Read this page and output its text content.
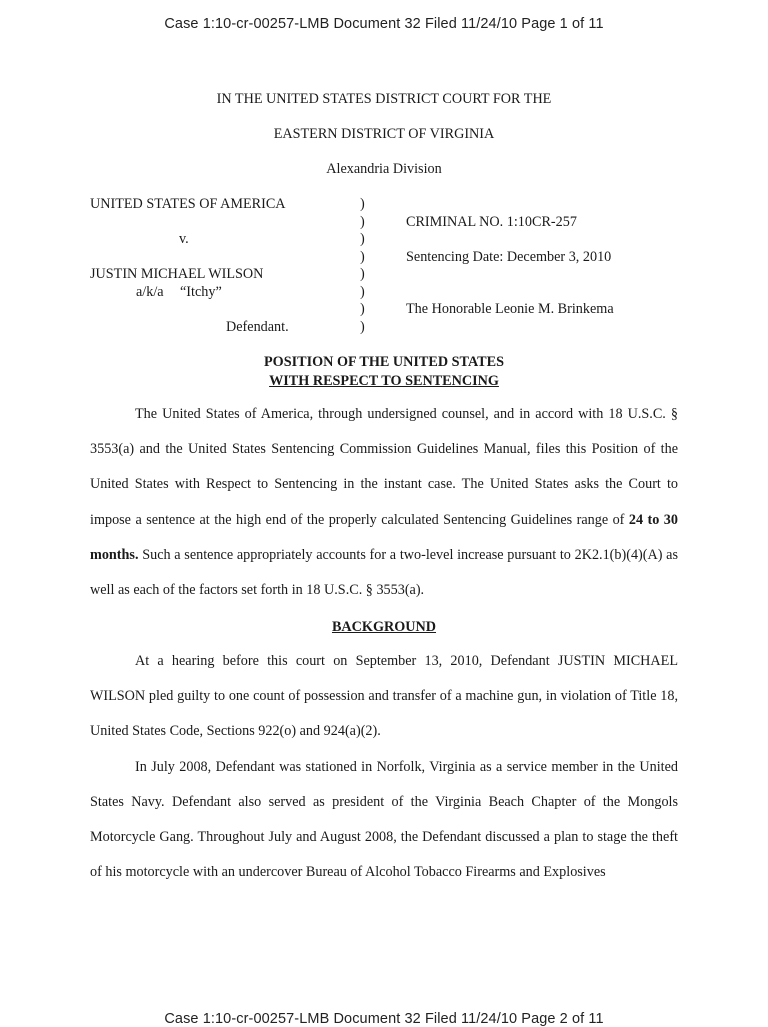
Case 1:10-cr-00257-LMB Document 32 Filed 11/24/10 Page 1 of 11
IN THE UNITED STATES DISTRICT COURT FOR THE
EASTERN DISTRICT OF VIRGINIA
Alexandria Division
UNITED STATES OF AMERICA
v.
JUSTIN MICHAEL WILSON
a/k/a “Itchy”
Defendant.
)
)
)
)
)
)
)
)
CRIMINAL NO. 1:10CR-257
Sentencing Date: December 3, 2010
The Honorable Leonie M. Brinkema
POSITION OF THE UNITED STATES
WITH RESPECT TO SENTENCING

The United States of America, through undersigned counsel, and in accord with 18 U.S.C. § 3553(a) and the United States Sentencing Commission Guidelines Manual, files this Position of the United States with Respect to Sentencing in the instant case. The United States asks the Court to impose a sentence at the high end of the properly calculated Sentencing Guidelines range of 24 to 30 months. Such a sentence appropriately accounts for a two-level increase pursuant to 2K2.1(b)(4)(A) as well as each of the factors set forth in 18 U.S.C. § 3553(a).

BACKGROUND

At a hearing before this court on September 13, 2010, Defendant JUSTIN MICHAEL WILSON pled guilty to one count of possession and transfer of a machine gun, in violation of Title 18, United States Code, Sections 922(o) and 924(a)(2).

In July 2008, Defendant was stationed in Norfolk, Virginia as a service member in the United States Navy. Defendant also served as president of the Virginia Beach Chapter of the Mongols Motorcycle Gang. Throughout July and August 2008, the Defendant discussed a plan to stage the theft of his motorcycle with an undercover Bureau of Alcohol Tobacco Firearms and Explosives

Case 1:10-cr-00257-LMB Document 32 Filed 11/24/10 Page 2 of 11
